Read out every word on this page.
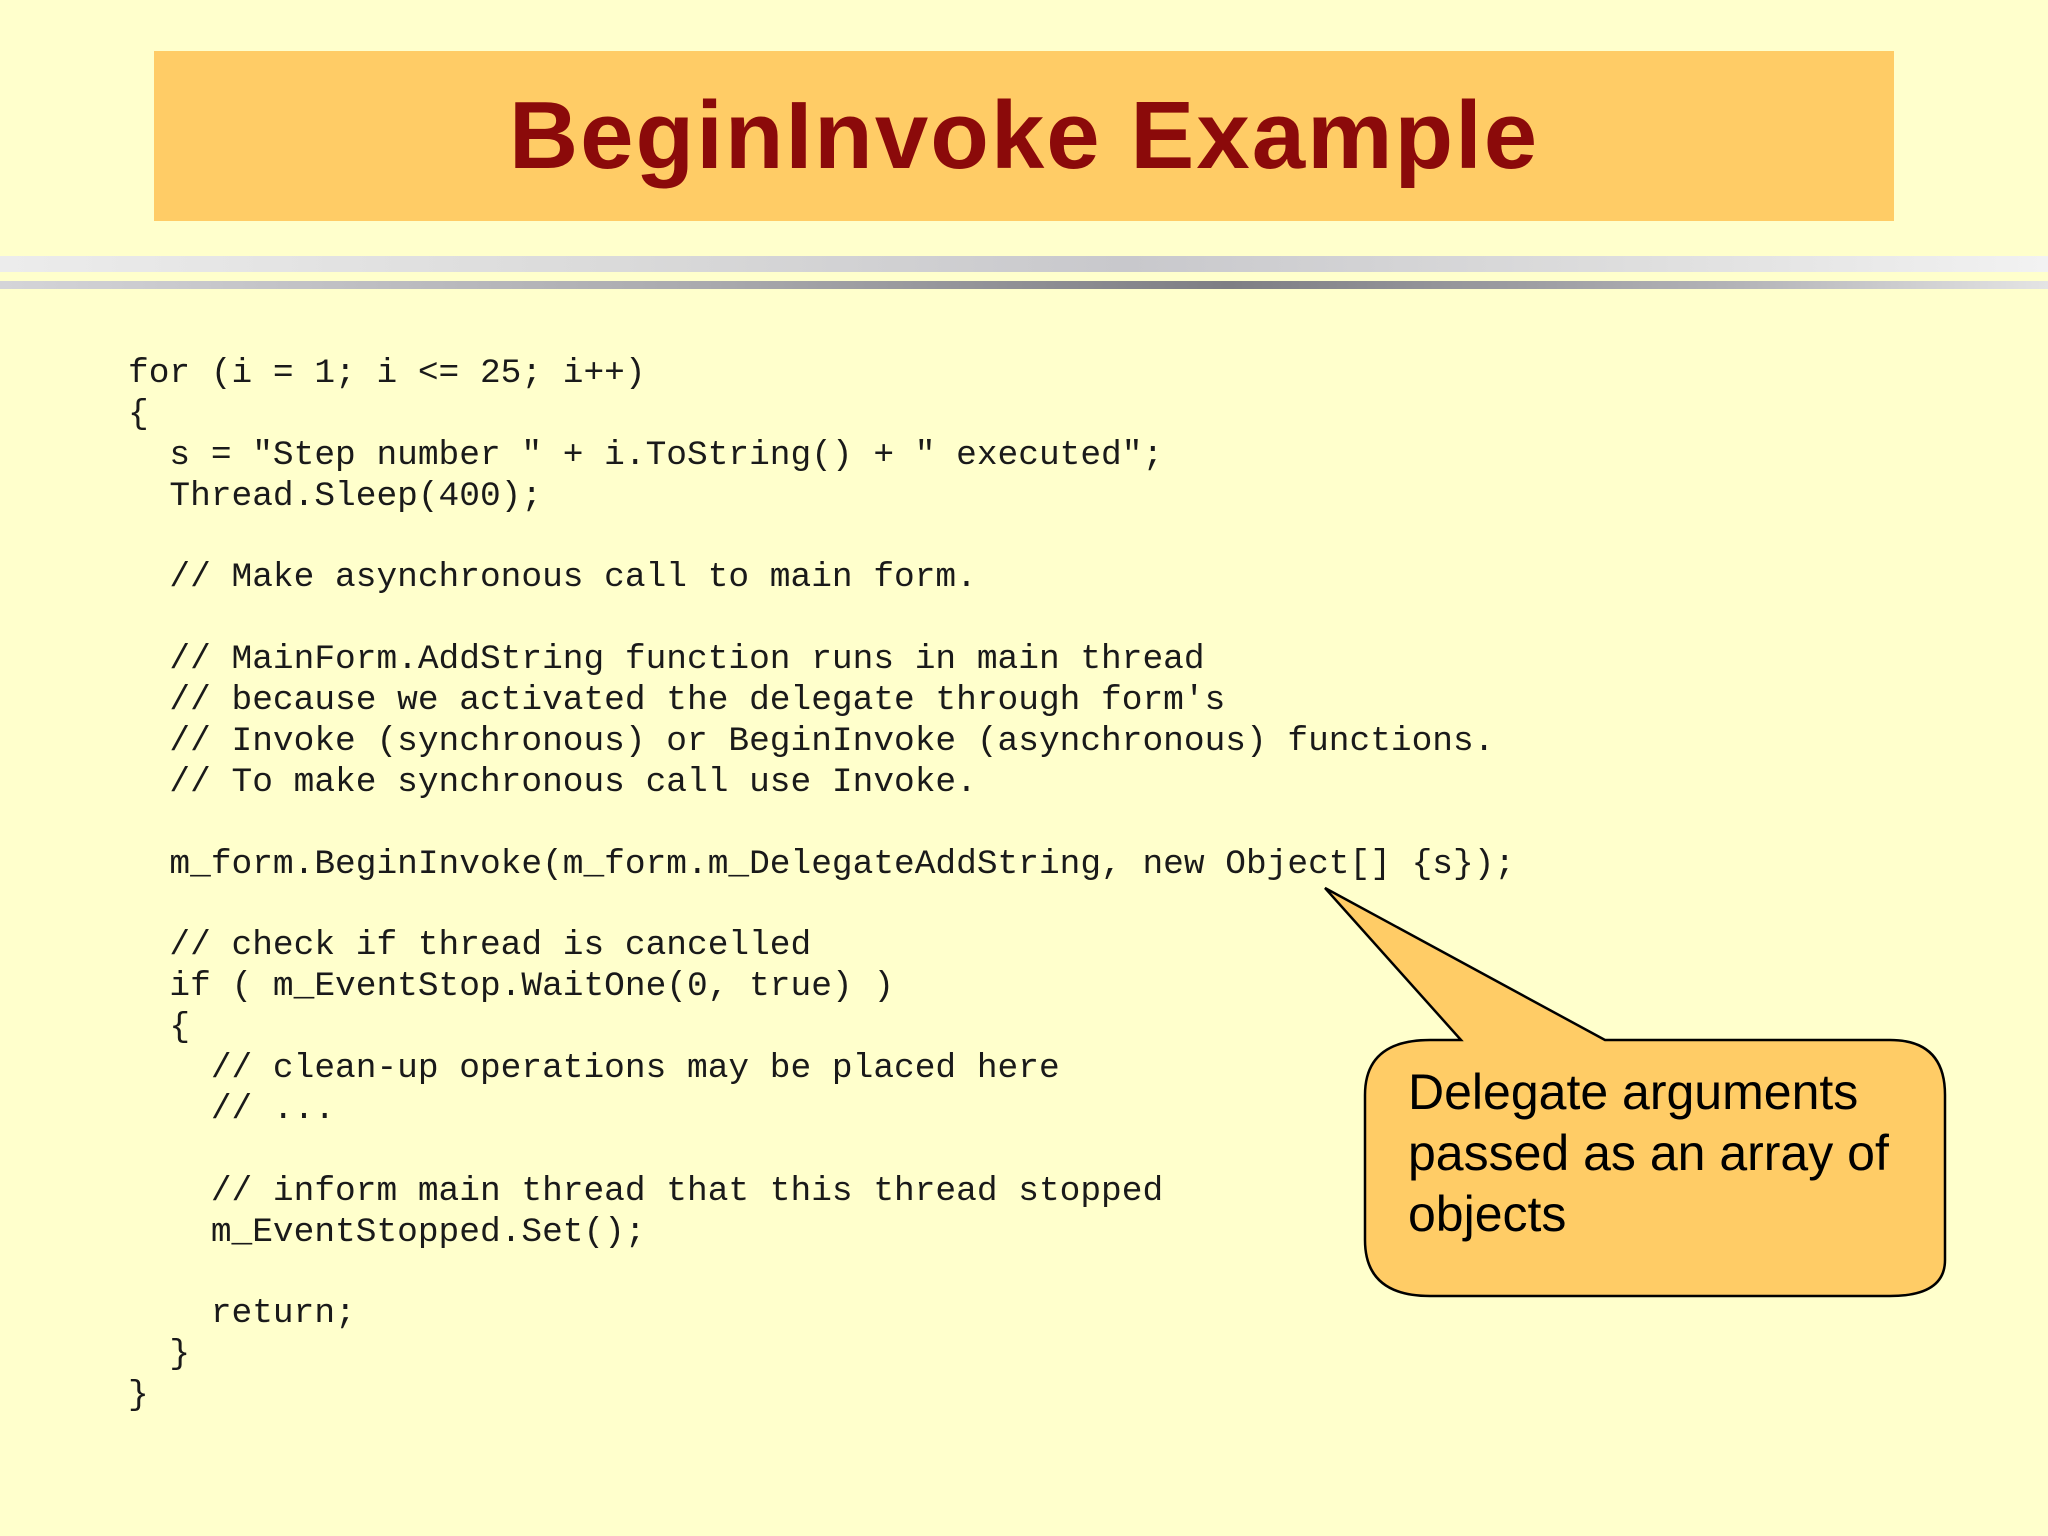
BeginInvoke Example
for (i = 1; i <= 25; i++)
{
s = "Step number " + i.ToString() + " executed";
Thread.Sleep(400);
// Make asynchronous call to main form.
// MainForm.AddString function runs in main thread
// because we activated the delegate through form's
// Invoke (synchronous) or BeginInvoke (asynchronous) functions.
// To make synchronous call use Invoke.
m_form.BeginInvoke(m_form.m_DelegateAddString, new Object[] {s});
// check if thread is cancelled
if ( m_EventStop.WaitOne(0, true) )
{
// clean-up operations may be placed here
// ...
// inform main thread that this thread stopped
m_EventStopped.Set();
return;
}
}
Delegate arguments
passed as an array of
objects
